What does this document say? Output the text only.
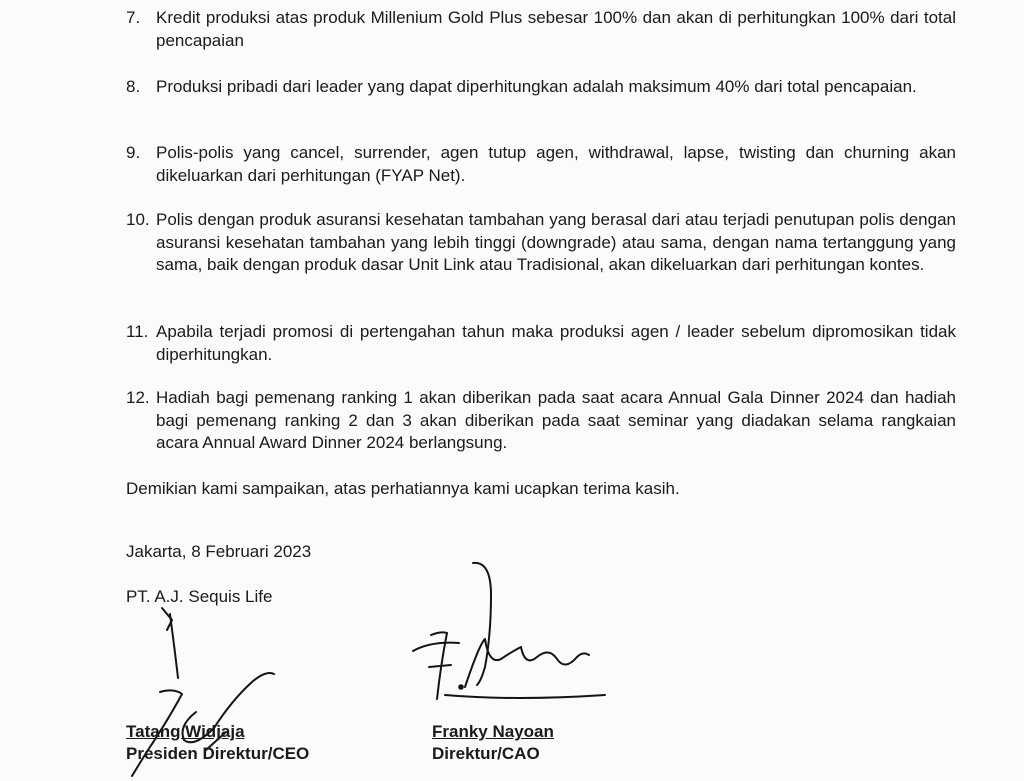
7. Kredit produksi atas produk Millenium Gold Plus sebesar 100% dan akan di perhitungkan 100% dari total pencapaian
8. Produksi pribadi dari leader yang dapat diperhitungkan adalah maksimum 40% dari total pencapaian.
9. Polis-polis yang cancel, surrender, agen tutup agen, withdrawal, lapse, twisting dan churning akan dikeluarkan dari perhitungan (FYAP Net).
10. Polis dengan produk asuransi kesehatan tambahan yang berasal dari atau terjadi penutupan polis dengan asuransi kesehatan tambahan yang lebih tinggi (downgrade) atau sama, dengan nama tertanggung yang sama, baik dengan produk dasar Unit Link atau Tradisional, akan dikeluarkan dari perhitungan kontes.
11. Apabila terjadi promosi di pertengahan tahun maka produksi agen / leader sebelum dipromosikan tidak diperhitungkan.
12. Hadiah bagi pemenang ranking 1 akan diberikan pada saat acara Annual Gala Dinner 2024 dan hadiah bagi pemenang ranking 2 dan 3 akan diberikan pada saat seminar yang diadakan selama rangkaian acara Annual Award Dinner 2024 berlangsung.
Demikian kami sampaikan, atas perhatiannya kami ucapkan terima kasih.
Jakarta, 8 Februari 2023
PT. A.J. Sequis Life
Tatang Widjaja
Presiden Direktur/CEO
Franky Nayoan
Direktur/CAO
